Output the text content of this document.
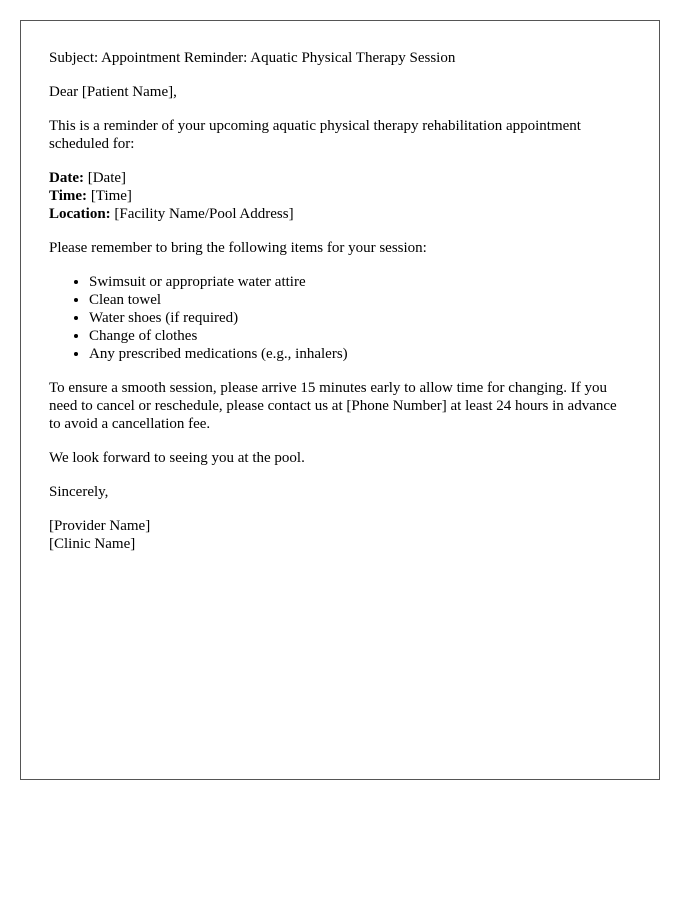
Subject: Appointment Reminder: Aquatic Physical Therapy Session

Dear [Patient Name],

This is a reminder of your upcoming aquatic physical therapy rehabilitation appointment scheduled for:

Date: [Date]
Time: [Time]
Location: [Facility Name/Pool Address]

Please remember to bring the following items for your session:

• Swimsuit or appropriate water attire
• Clean towel
• Water shoes (if required)
• Change of clothes
• Any prescribed medications (e.g., inhalers)

To ensure a smooth session, please arrive 15 minutes early to allow time for changing. If you need to cancel or reschedule, please contact us at [Phone Number] at least 24 hours in advance to avoid a cancellation fee.

We look forward to seeing you at the pool.

Sincerely,

[Provider Name]
[Clinic Name]
